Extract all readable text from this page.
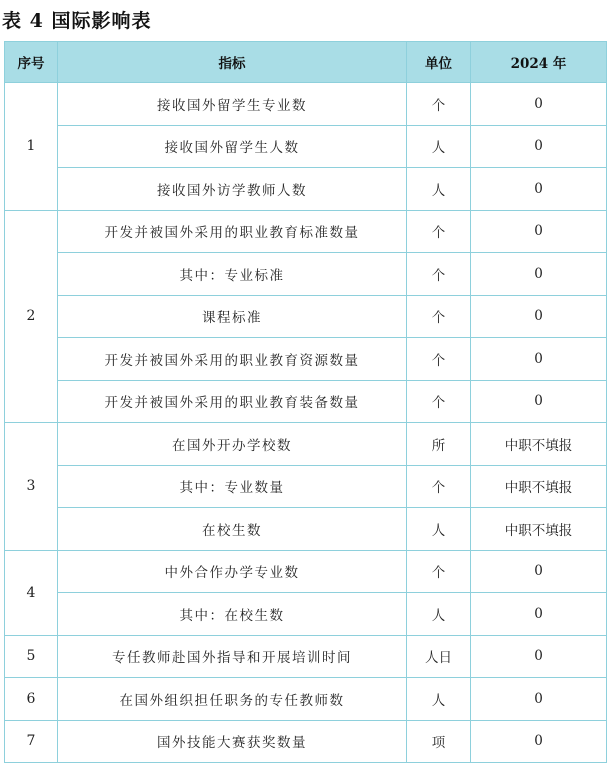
表 4 国际影响表
序号	指标	单位	2024 年
1	接收国外留学生专业数	个	0
	接收国外留学生人数	人	0
	接收国外访学教师人数	人	0
2	开发并被国外采用的职业教育标准数量	个	0
	其中：专业标准	个	0
	课程标准	个	0
	开发并被国外采用的职业教育资源数量	个	0
	开发并被国外采用的职业教育装备数量	个	0
3	在国外开办学校数	所	中职不填报
	其中：专业数量	个	中职不填报
	在校生数	人	中职不填报
4	中外合作办学专业数	个	0
	其中：在校生数	人	0
5	专任教师赴国外指导和开展培训时间	人日	0
6	在国外组织担任职务的专任教师数	人	0
7	国外技能大赛获奖数量	项	0
